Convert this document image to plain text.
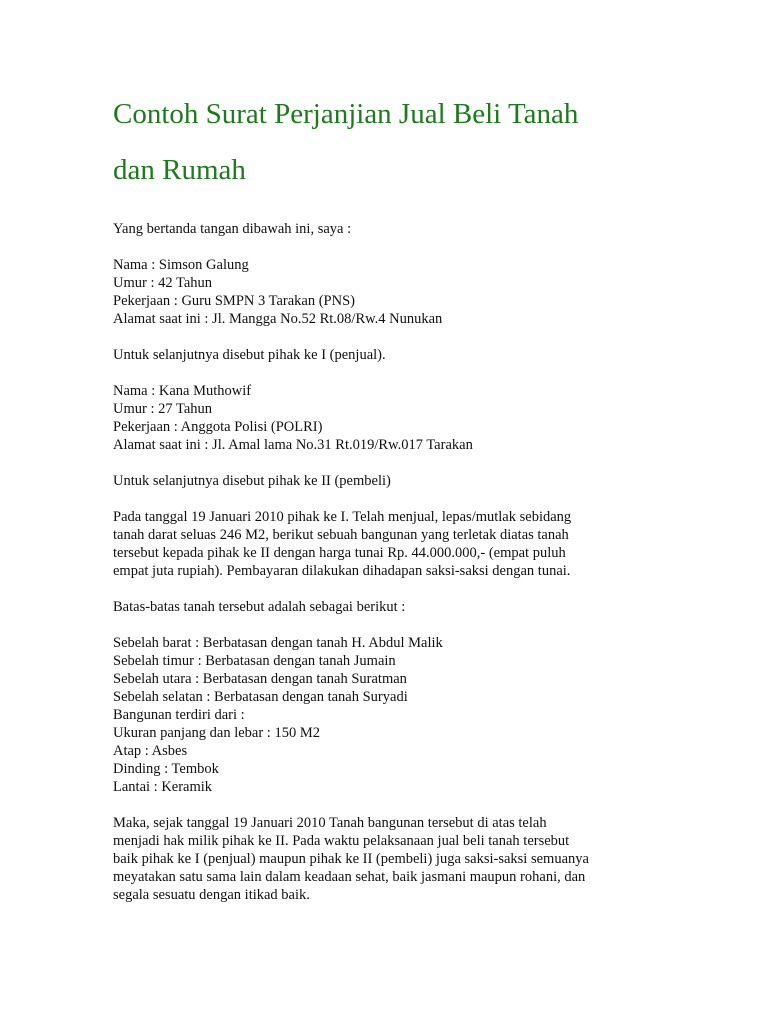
Contoh Surat Perjanjian Jual Beli Tanah
dan Rumah

Yang bertanda tangan dibawah ini, saya :

Nama : Simson Galung
Umur : 42 Tahun
Pekerjaan : Guru SMPN 3 Tarakan (PNS)
Alamat saat ini : Jl. Mangga No.52 Rt.08/Rw.4 Nunukan

Untuk selanjutnya disebut pihak ke I (penjual).

Nama : Kana Muthowif
Umur : 27 Tahun
Pekerjaan : Anggota Polisi (POLRI)
Alamat saat ini : Jl. Amal lama No.31 Rt.019/Rw.017 Tarakan

Untuk selanjutnya disebut pihak ke II (pembeli)

Pada tanggal 19 Januari 2010 pihak ke I. Telah menjual, lepas/mutlak sebidang
tanah darat seluas 246 M2, berikut sebuah bangunan yang terletak diatas tanah
tersebut kepada pihak ke II dengan harga tunai Rp. 44.000.000,- (empat puluh
empat juta rupiah). Pembayaran dilakukan dihadapan saksi-saksi dengan tunai.

Batas-batas tanah tersebut adalah sebagai berikut :

Sebelah barat : Berbatasan dengan tanah H. Abdul Malik
Sebelah timur : Berbatasan dengan tanah Jumain
Sebelah utara : Berbatasan dengan tanah Suratman
Sebelah selatan : Berbatasan dengan tanah Suryadi
Bangunan terdiri dari :
Ukuran panjang dan lebar : 150 M2
Atap : Asbes
Dinding : Tembok
Lantai : Keramik

Maka, sejak tanggal 19 Januari 2010 Tanah bangunan tersebut di atas telah
menjadi hak milik pihak ke II. Pada waktu pelaksanaan jual beli tanah tersebut
baik pihak ke I (penjual) maupun pihak ke II (pembeli) juga saksi-saksi semuanya
meyatakan satu sama lain dalam keadaan sehat, baik jasmani maupun rohani, dan
segala sesuatu dengan itikad baik.
